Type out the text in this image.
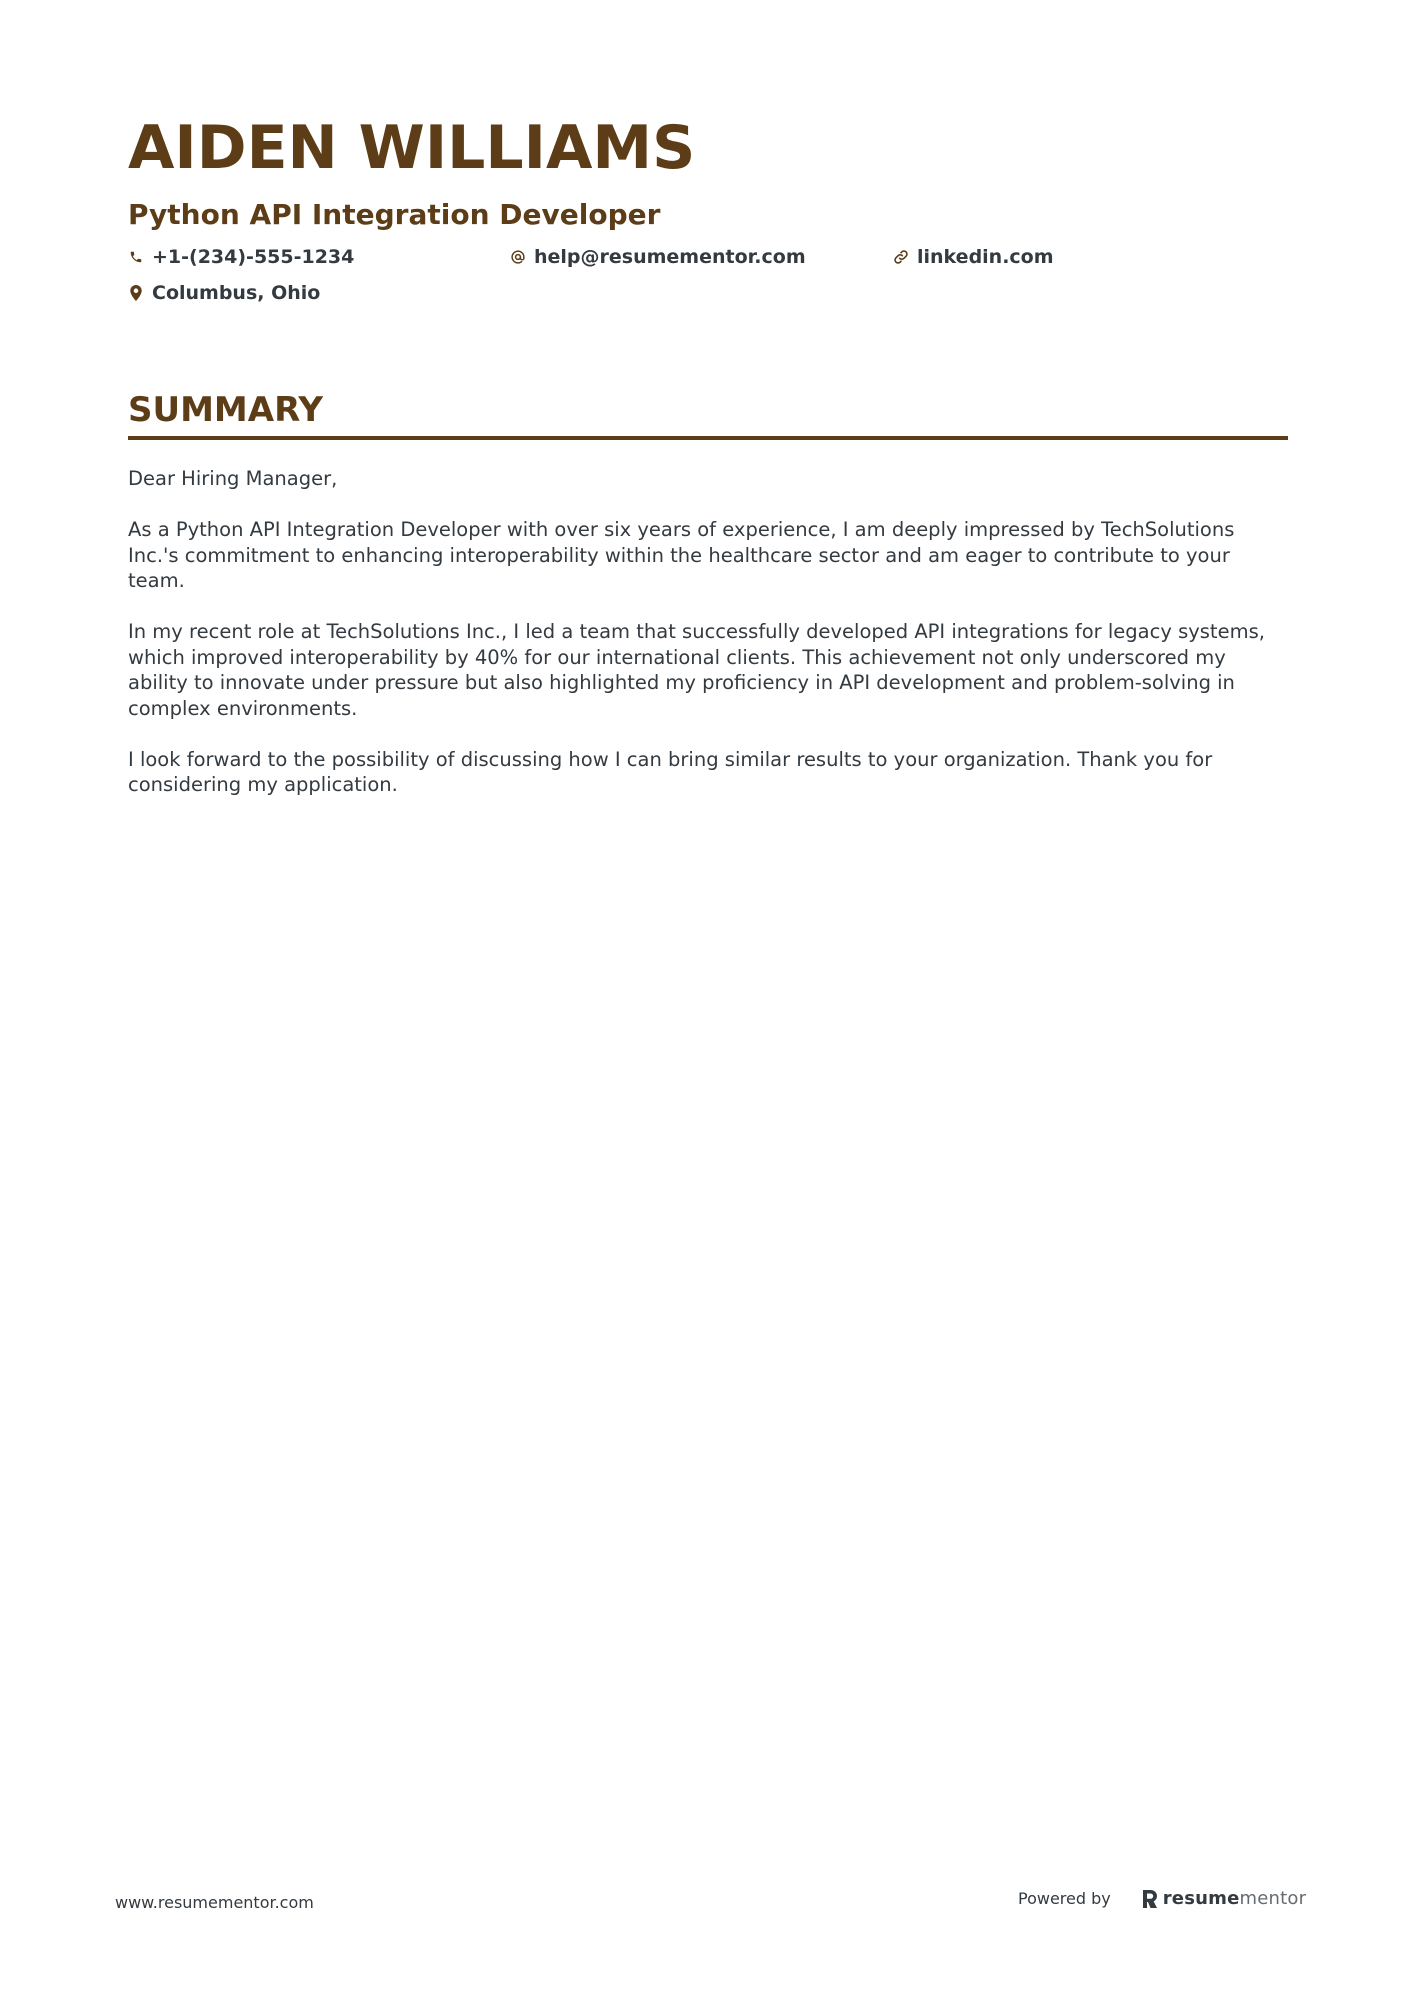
AIDEN WILLIAMS
Python API Integration Developer
+1-(234)-555-1234	help@resumementor.com	linkedin.com
Columbus, Ohio
SUMMARY

Dear Hiring Manager,

As a Python API Integration Developer with over six years of experience, I am deeply impressed by TechSolutions Inc.'s commitment to enhancing interoperability within the healthcare sector and am eager to contribute to your team.

In my recent role at TechSolutions Inc., I led a team that successfully developed API integrations for legacy systems, which improved interoperability by 40% for our international clients. This achievement not only underscored my ability to innovate under pressure but also highlighted my proficiency in API development and problem-solving in complex environments.

I look forward to the possibility of discussing how I can bring similar results to your organization. Thank you for considering my application.

www.resumementor.com	Powered by	resumementor
